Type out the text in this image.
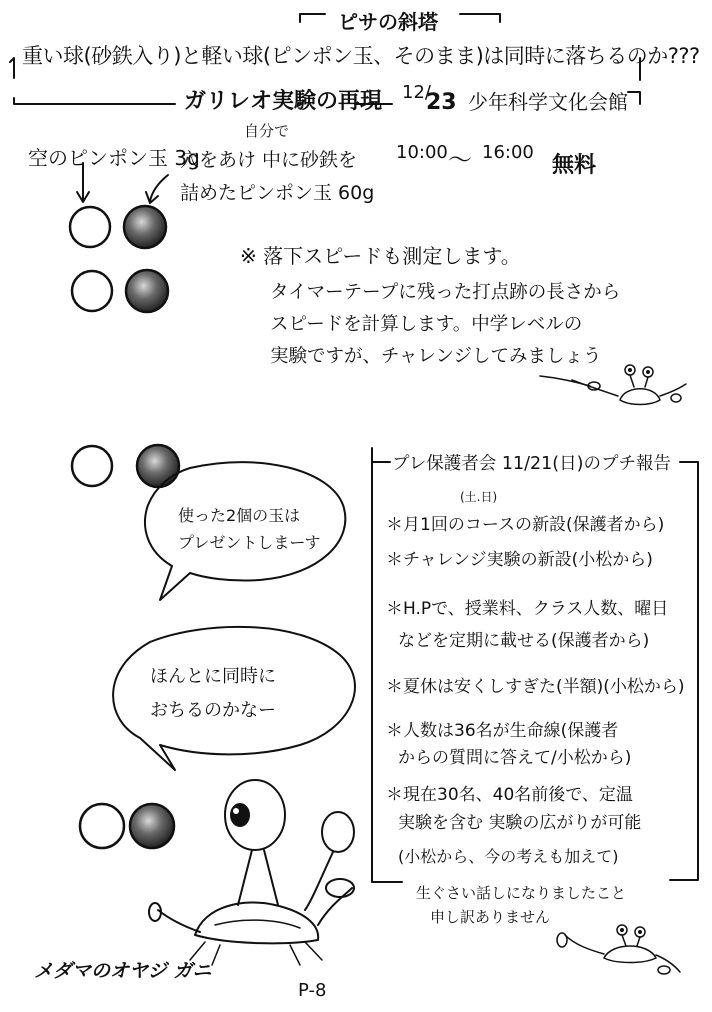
ピサの斜塔
重い球(砂鉄入り)と軽い球(ピンポン玉、そのまま)は同時に落ちるのか???
ガリレオ実験の再現 12/
23 少年科学文化会館
空のピンポン玉 3g
自分で
穴をあけ 中に砂鉄を
詰めたピンポン玉 60g
10:00 〜 16:00
無料
※ 落下スピードも測定します。
タイマーテープに残った打点跡の長さから
スピードを計算します。中学レベルの
実験ですが、チャレンジしてみましょう
使った2個の玉は
プレゼントしまーす
ほんとに同時に
おちるのかなー
プレ保護者会 11/21(日)のプチ報告
(土.日)
＊月1回のコースの新設(保護者から)
＊チャレンジ実験の新設(小松から)
＊H.Pで、授業料、クラス人数、曜日
などを定期に載せる(保護者から)
＊夏休は安くしすぎた(半額)(小松から)
＊人数は36名が生命線(保護者
からの質問に答えて/小松から)
＊現在30名、40名前後で、定温
実験を含む 実験の広がりが可能
(小松から、今の考えも加えて)
生ぐさい話しになりましたこと
申し訳ありません
メダマのオヤジ ガニ
P-8
